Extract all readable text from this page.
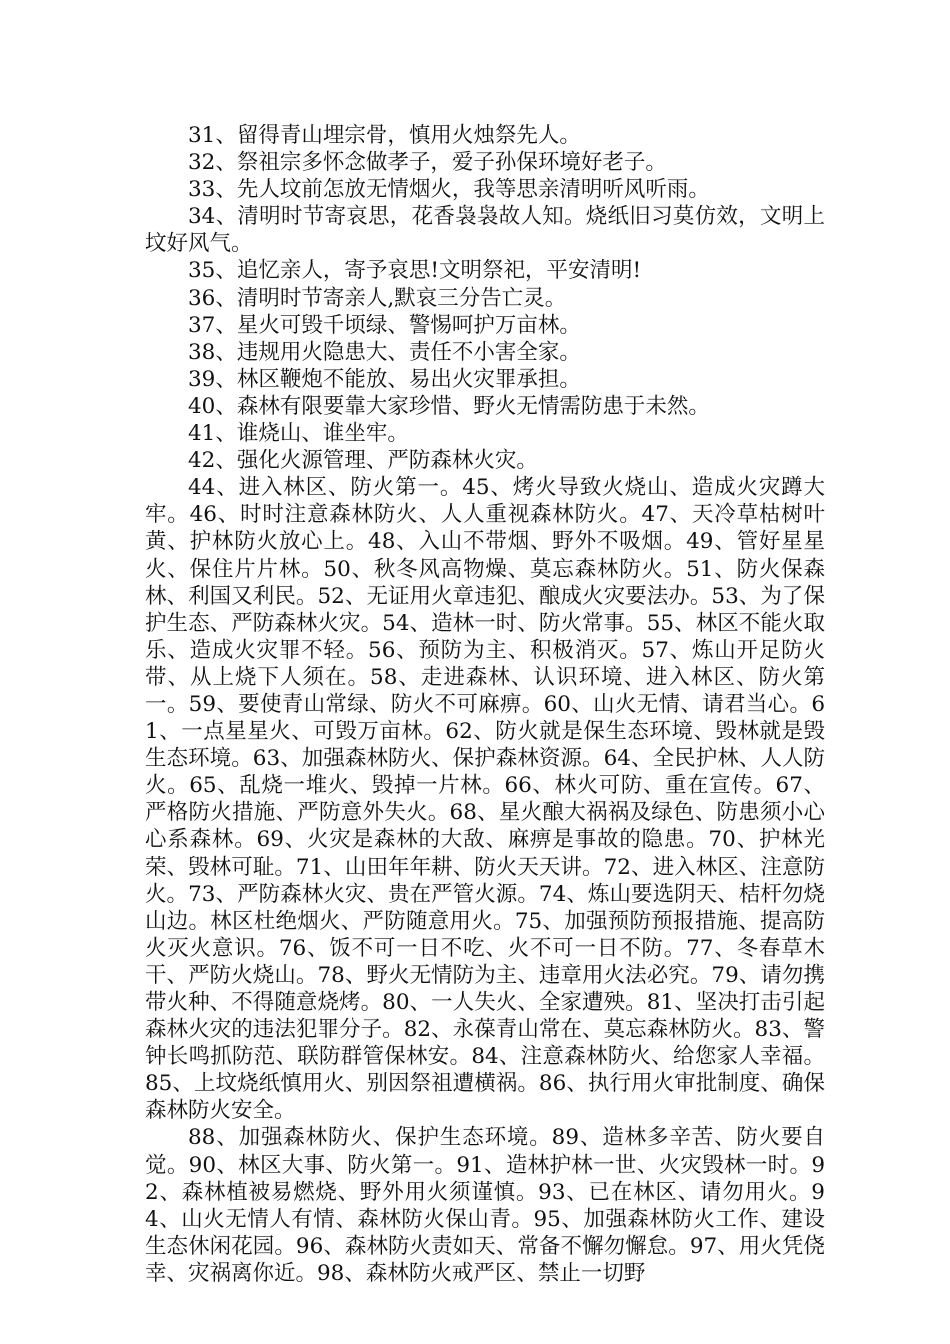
31、留得青山埋宗骨，慎用火烛祭先人。

32、祭祖宗多怀念做孝子，爱子孙保环境好老子。

33、先人坟前怎放无情烟火，我等思亲清明听风听雨。

34、清明时节寄哀思，花香袅袅故人知。烧纸旧习莫仿效，文明上坟好风气。

35、追忆亲人，寄予哀思!文明祭祀，平安清明!

36、清明时节寄亲人,默哀三分告亡灵。

37、星火可毁千顷绿、警惕呵护万亩林。

38、违规用火隐患大、责任不小害全家。

39、林区鞭炮不能放、易出火灾罪承担。

40、森林有限要靠大家珍惜、野火无情需防患于未然。

41、谁烧山、谁坐牢。

42、强化火源管理、严防森林火灾。

44、进入林区、防火第一。45、烤火导致火烧山、造成火灾蹲大牢。46、时时注意森林防火、人人重视森林防火。47、天冷草枯树叶黄、护林防火放心上。48、入山不带烟、野外不吸烟。49、管好星星火、保住片片林。50、秋冬风高物燥、莫忘森林防火。51、防火保森林、利国又利民。52、无证用火章违犯、酿成火灾要法办。53、为了保护生态、严防森林火灾。54、造林一时、防火常事。55、林区不能火取乐、造成火灾罪不轻。56、预防为主、积极消灭。57、炼山开足防火带、从上烧下人须在。58、走进森林、认识环境、进入林区、防火第一。59、要使青山常绿、防火不可麻痹。60、山火无情、请君当心。61、一点星星火、可毁万亩林。62、防火就是保生态环境、毁林就是毁生态环境。63、加强森林防火、保护森林资源。64、全民护林、人人防火。65、乱烧一堆火、毁掉一片林。66、林火可防、重在宣传。67、严格防火措施、严防意外失火。68、星火酿大祸祸及绿色、防患须小心心系森林。69、火灾是森林的大敌、麻痹是事故的隐患。70、护林光荣、毁林可耻。71、山田年年耕、防火天天讲。72、进入林区、注意防火。73、严防森林火灾、贵在严管火源。74、炼山要选阴天、桔杆勿烧山边。林区杜绝烟火、严防随意用火。75、加强预防预报措施、提高防火灭火意识。76、饭不可一日不吃、火不可一日不防。77、冬春草木干、严防火烧山。78、野火无情防为主、违章用火法必究。79、请勿携带火种、不得随意烧烤。80、一人失火、全家遭殃。81、坚决打击引起森林火灾的违法犯罪分子。82、永葆青山常在、莫忘森林防火。83、警钟长鸣抓防范、联防群管保林安。84、注意森林防火、给您家人幸福。85、上坟烧纸慎用火、别因祭祖遭横祸。86、执行用火审批制度、确保森林防火安全。

88、加强森林防火、保护生态环境。89、造林多辛苦、防火要自觉。90、林区大事、防火第一。91、造林护林一世、火灾毁林一时。92、森林植被易燃烧、野外用火须谨慎。93、已在林区、请勿用火。94、山火无情人有情、森林防火保山青。95、加强森林防火工作、建设生态休闲花园。96、森林防火责如天、常备不懈勿懈怠。97、用火凭侥幸、灾祸离你近。98、森林防火戒严区、禁止一切野
